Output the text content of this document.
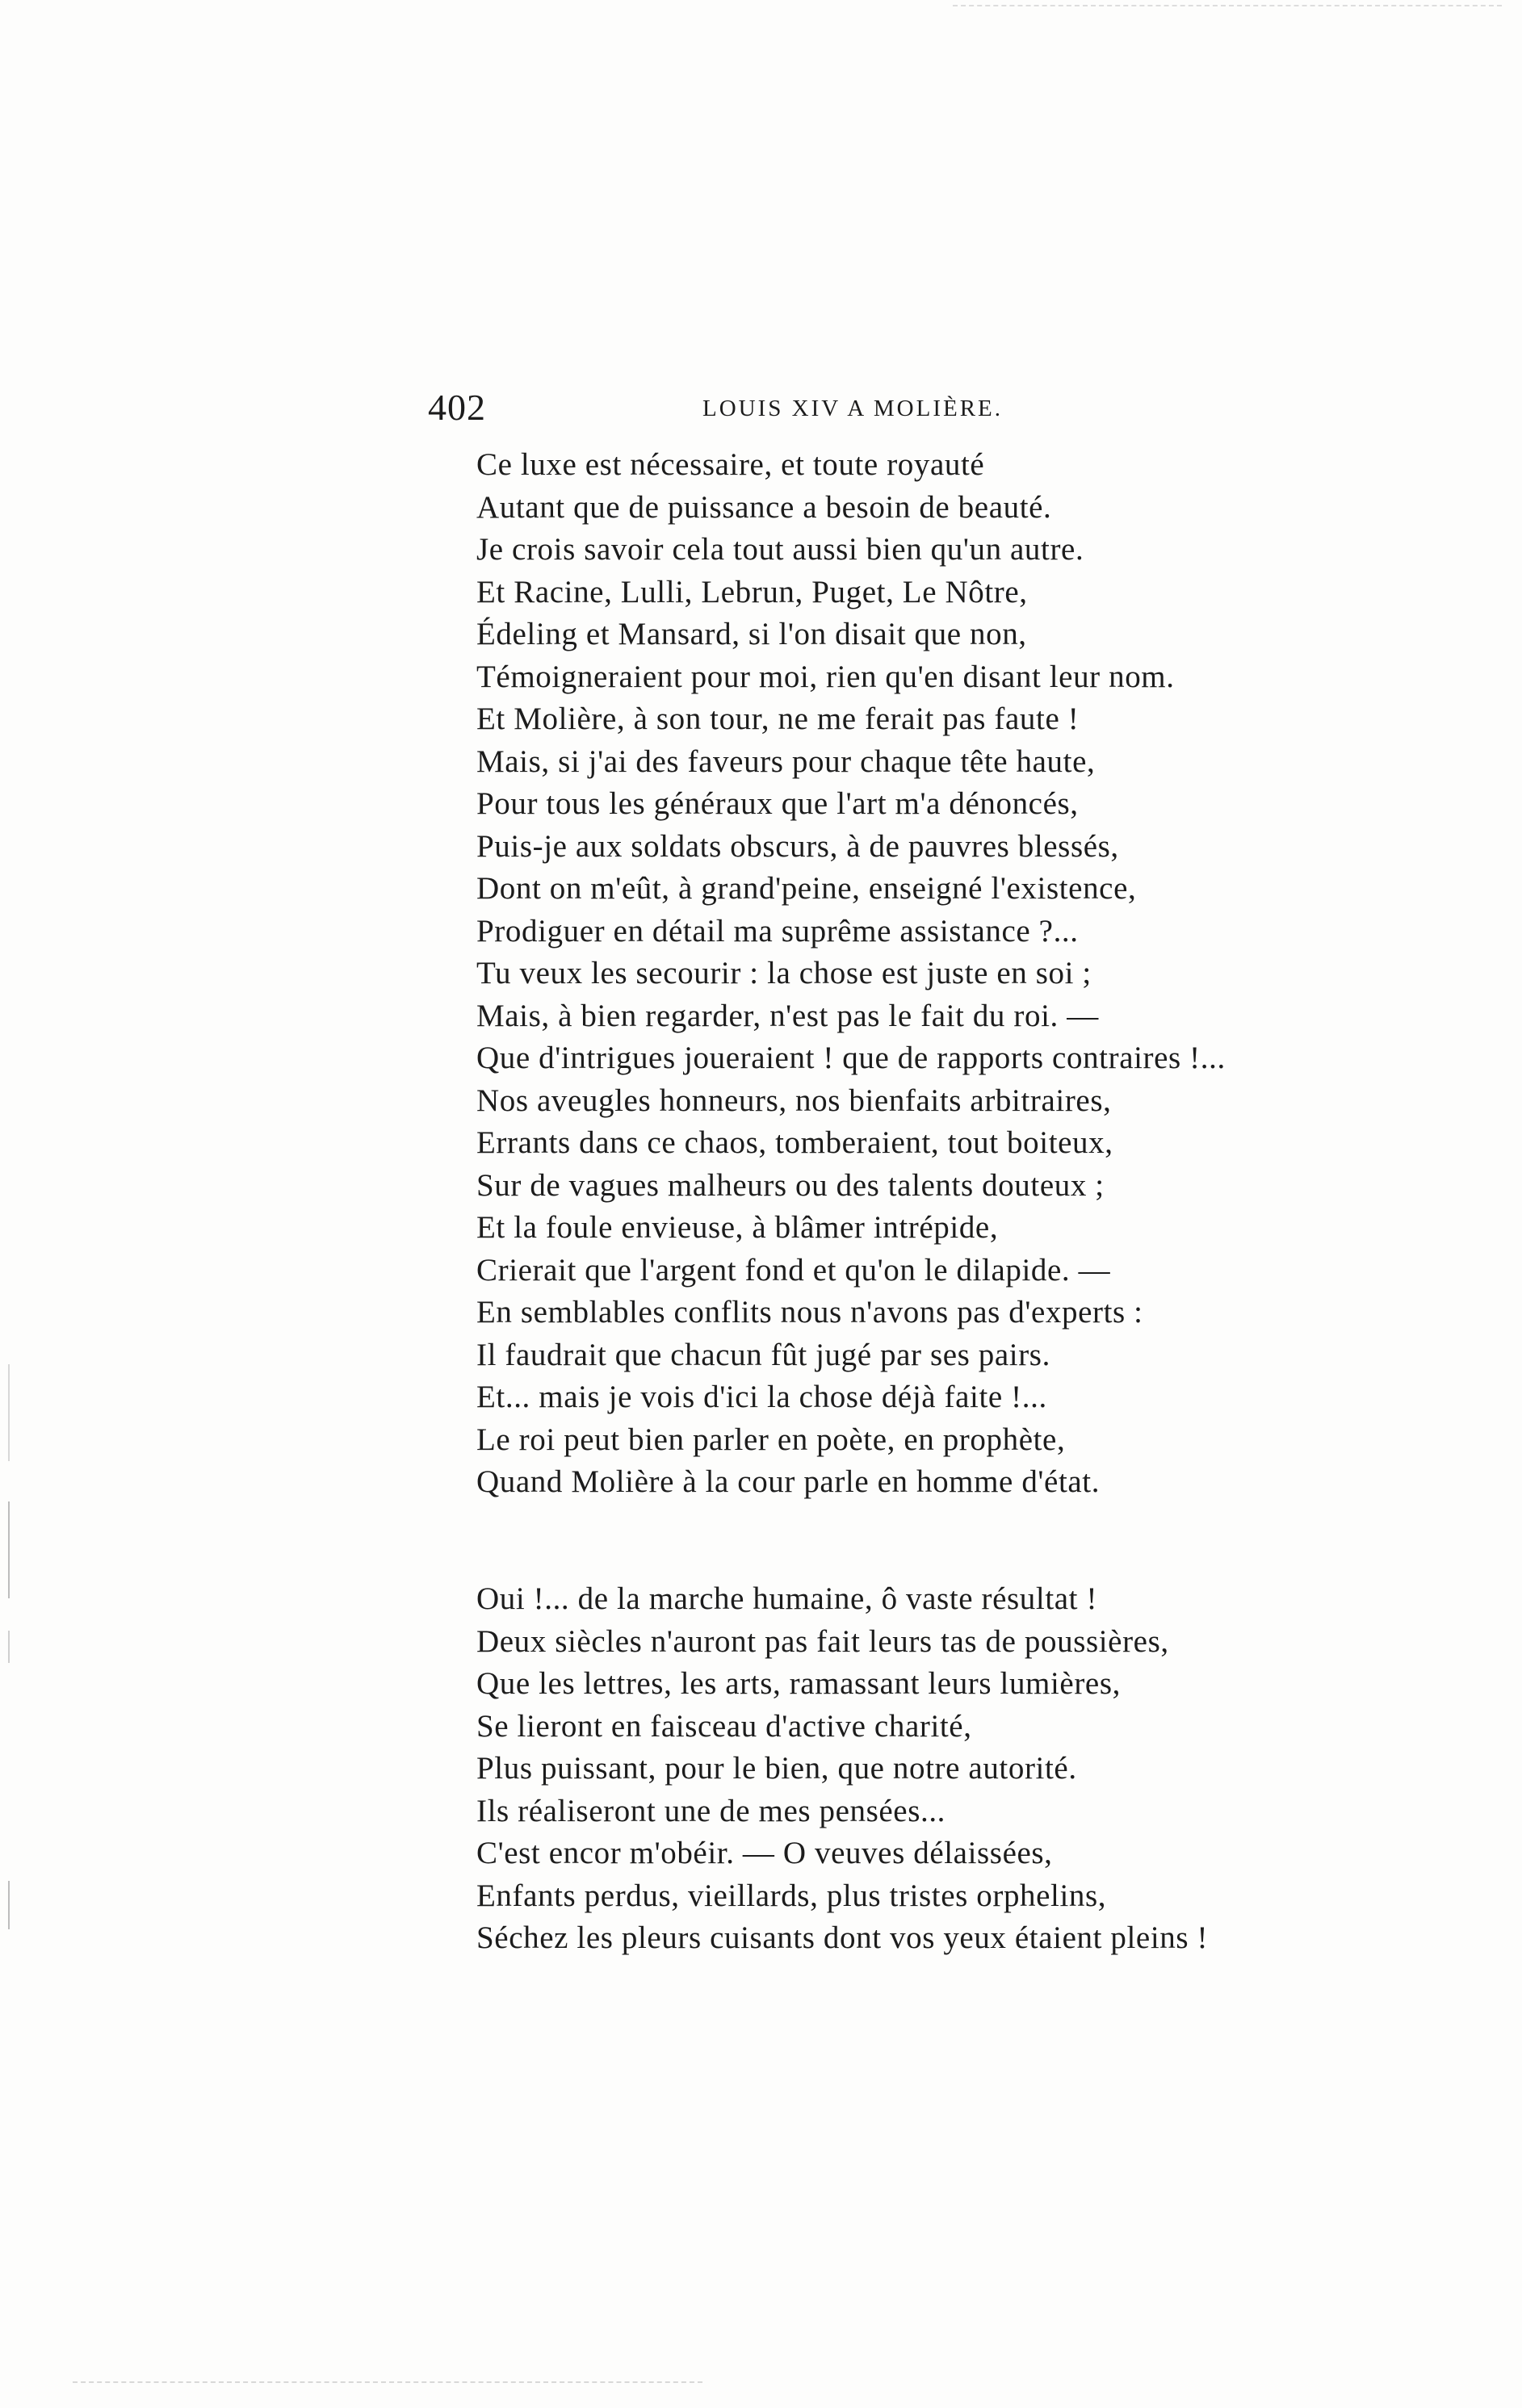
402	LOUIS XIV A MOLIÈRE.
Ce luxe est nécessaire, et toute royauté
Autant que de puissance a besoin de beauté.
Je crois savoir cela tout aussi bien qu'un autre.
Et Racine, Lulli, Lebrun, Puget, Le Nôtre,
Édeling et Mansard, si l'on disait que non,
Témoigneraient pour moi, rien qu'en disant leur nom.
Et Molière, à son tour, ne me ferait pas faute !
Mais, si j'ai des faveurs pour chaque tête haute,
Pour tous les généraux que l'art m'a dénoncés,
Puis-je aux soldats obscurs, à de pauvres blessés,
Dont on m'eût, à grand'peine, enseigné l'existence,
Prodiguer en détail ma suprême assistance ?...
Tu veux les secourir : la chose est juste en soi ;
Mais, à bien regarder, n'est pas le fait du roi. —
Que d'intrigues joueraient ! que de rapports contraires !...
Nos aveugles honneurs, nos bienfaits arbitraires,
Errants dans ce chaos, tomberaient, tout boiteux,
Sur de vagues malheurs ou des talents douteux ;
Et la foule envieuse, à blâmer intrépide,
Crierait que l'argent fond et qu'on le dilapide. —
En semblables conflits nous n'avons pas d'experts :
Il faudrait que chacun fût jugé par ses pairs.
Et... mais je vois d'ici la chose déjà faite !...
Le roi peut bien parler en poète, en prophète,
Quand Molière à la cour parle en homme d'état.
Oui !... de la marche humaine, ô vaste résultat !
Deux siècles n'auront pas fait leurs tas de poussières,
Que les lettres, les arts, ramassant leurs lumières,
Se lieront en faisceau d'active charité,
Plus puissant, pour le bien, que notre autorité.
Ils réaliseront une de mes pensées...
C'est encor m'obéir. — O veuves délaissées,
Enfants perdus, vieillards, plus tristes orphelins,
Séchez les pleurs cuisants dont vos yeux étaient pleins !
